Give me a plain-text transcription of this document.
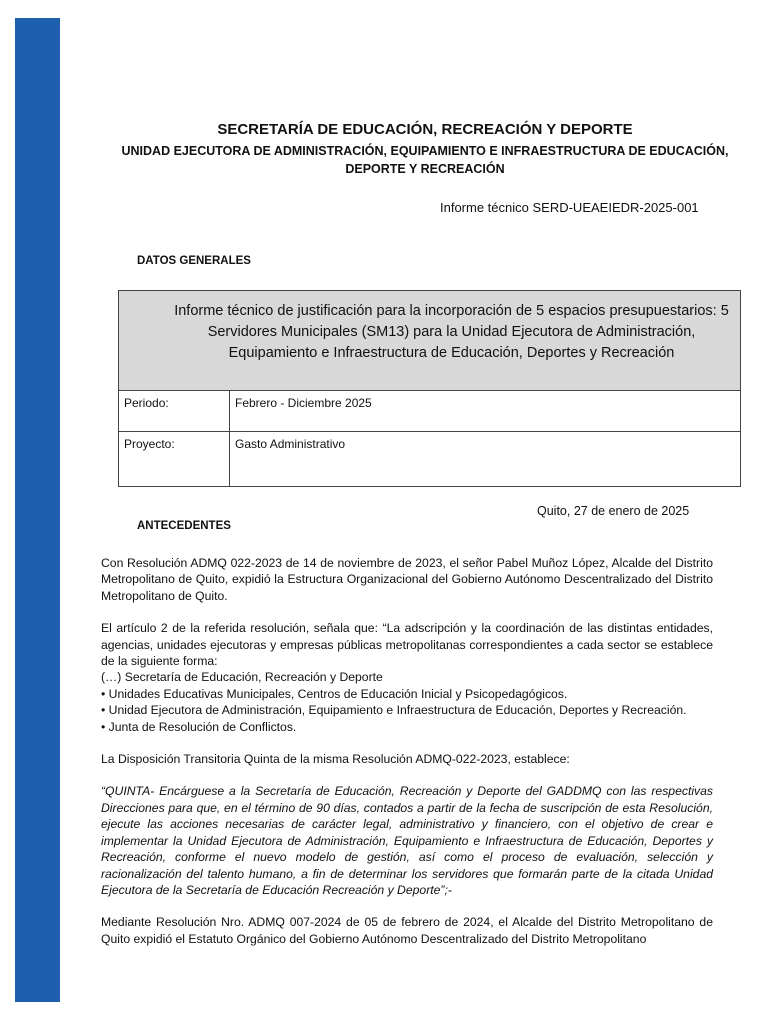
SECRETARÍA DE EDUCACIÓN, RECREACIÓN Y DEPORTE
UNIDAD EJECUTORA DE ADMINISTRACIÓN, EQUIPAMIENTO E INFRAESTRUCTURA DE EDUCACIÓN, DEPORTE Y RECREACIÓN
Informe técnico SERD-UEAEIEDR-2025-001
DATOS GENERALES
Informe técnico de justificación para la incorporación de 5 espacios presupuestarios: 5 Servidores Municipales (SM13) para la Unidad Ejecutora de Administración, Equipamiento e Infraestructura de Educación, Deportes y Recreación
Periodo:	Febrero - Diciembre 2025
Proyecto:	Gasto Administrativo
Quito, 27 de enero de 2025
ANTECEDENTES

Con Resolución ADMQ 022-2023 de 14 de noviembre de 2023, el señor Pabel Muñoz López, Alcalde del Distrito Metropolitano de Quito, expidió la Estructura Organizacional del Gobierno Autónomo Descentralizado del Distrito Metropolitano de Quito.

El artículo 2 de la referida resolución, señala que: “La adscripción y la coordinación de las distintas entidades, agencias, unidades ejecutoras y empresas públicas metropolitanas correspondientes a cada sector se establece de la siguiente forma:
(…) Secretaría de Educación, Recreación y Deporte
• Unidades Educativas Municipales, Centros de Educación Inicial y Psicopedagógicos.
• Unidad Ejecutora de Administración, Equipamiento e Infraestructura de Educación, Deportes y Recreación.
• Junta de Resolución de Conflictos.

La Disposición Transitoria Quinta de la misma Resolución ADMQ-022-2023, establece:

“QUINTA- Encárguese a la Secretaría de Educación, Recreación y Deporte del GADDMQ con las respectivas Direcciones para que, en el término de 90 días, contados a partir de la fecha de suscripción de esta Resolución, ejecute las acciones necesarias de carácter legal, administrativo y financiero, con el objetivo de crear e implementar la Unidad Ejecutora de Administración, Equipamiento e Infraestructura de Educación, Deportes y Recreación, conforme el nuevo modelo de gestión, así como el proceso de evaluación, selección y racionalización del talento humano, a fin de determinar los servidores que formarán parte de la citada Unidad Ejecutora de la Secretaría de Educación Recreación y Deporte”;-

Mediante Resolución Nro. ADMQ 007-2024 de 05 de febrero de 2024, el Alcalde del Distrito Metropolitano de Quito expidió el Estatuto Orgánico del Gobierno Autónomo Descentralizado del Distrito Metropolitano
